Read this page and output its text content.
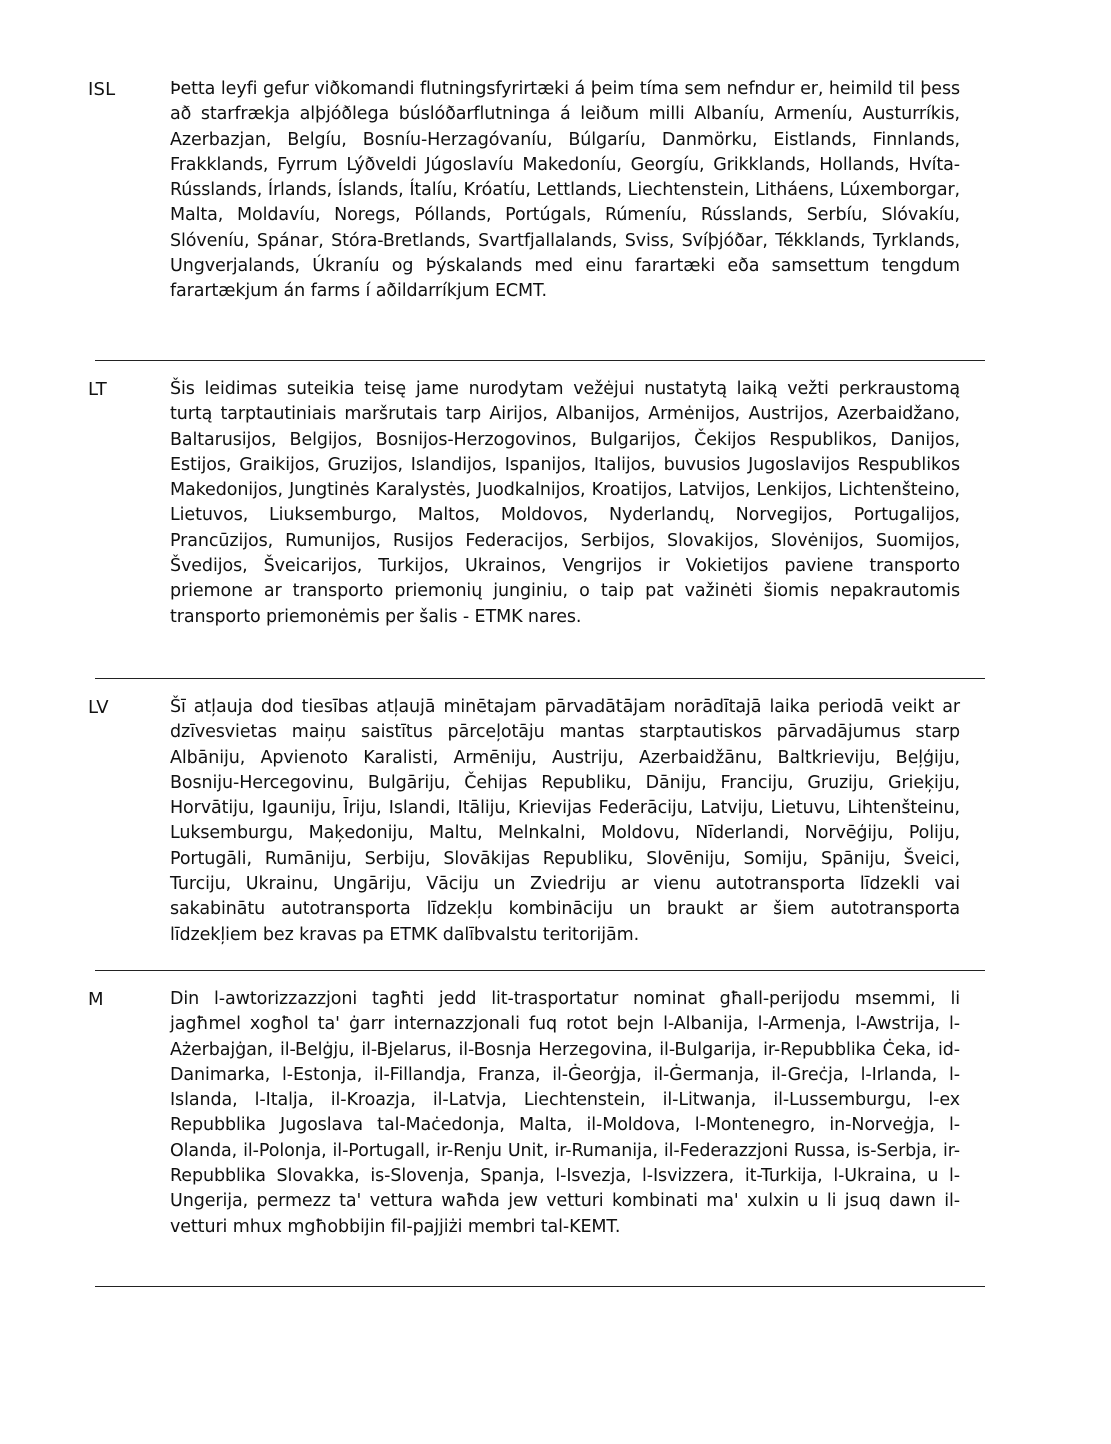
ISL	Þetta leyfi gefur viðkomandi flutningsfyrirtæki á þeim tíma sem nefndur er, heimild til þess að starfrækja alþjóðlega búslóðarflutninga á leiðum milli Albaníu, Armeníu, Austurríkis, Azerbazjan, Belgíu, Bosníu-Herzagóvaníu, Búlgaríu, Danmörku, Eistlands, Finnlands, Frakklands, Fyrrum Lýðveldi Júgoslavíu Makedoníu, Georgíu, Grikklands, Hollands, Hvíta-Rússlands, Írlands, Íslands, Ítalíu, Króatíu, Lettlands, Liechtenstein, Litháens, Lúxemborgar, Malta, Moldavíu, Noregs, Póllands, Portúgals, Rúmeníu, Rússlands, Serbíu, Slóvakíu, Slóveníu, Spánar, Stóra-Bretlands, Svartfjallalands, Sviss, Svíþjóðar, Tékklands, Tyrklands, Ungverjalands, Úkraníu og Þýskalands med einu farartæki eða samsettum tengdum farartækjum án farms í aðildarríkjum ECMT.
LT	Šis leidimas suteikia teisę jame nurodytam vežėjui nustatytą laiką vežti perkraustomą turtą tarptautiniais maršrutais tarp Airijos, Albanijos, Armėnijos, Austrijos, Azerbaidžano, Baltarusijos, Belgijos, Bosnijos-Herzogovinos, Bulgarijos, Čekijos Respublikos, Danijos, Estijos, Graikijos, Gruzijos, Islandijos, Ispanijos, Italijos, buvusios Jugoslavijos Respublikos Makedonijos, Jungtinės Karalystės, Juodkalnijos, Kroatijos, Latvijos, Lenkijos, Lichtenšteino, Lietuvos, Liuksemburgo, Maltos, Moldovos, Nyderlandų, Norvegijos, Portugalijos, Prancūzijos, Rumunijos, Rusijos Federacijos, Serbijos, Slovakijos, Slovėnijos, Suomijos, Švedijos, Šveicarijos, Turkijos, Ukrainos, Vengrijos ir Vokietijos paviene transporto priemone ar transporto priemonių junginiu, o taip pat važinėti šiomis nepakrautomis transporto priemonėmis per šalis - ETMK nares.
LV	Šī atļauja dod tiesības atļaujā minētajam pārvadātājam norādītajā laika periodā veikt ar dzīvesvietas maiņu saistītus pārceļotāju mantas starptautiskos pārvadājumus starp Albāniju, Apvienoto Karalisti, Armēniju, Austriju, Azerbaidžānu, Baltkrieviju, Beļģiju, Bosniju-Hercegovinu, Bulgāriju, Čehijas Republiku, Dāniju, Franciju, Gruziju, Grieķiju, Horvātiju, Igauniju, Īriju, Islandi, Itāliju, Krievijas Federāciju, Latviju, Lietuvu, Lihtenšteinu, Luksemburgu, Maķedoniju, Maltu, Melnkalni, Moldovu, Nīderlandi, Norvēģiju, Poliju, Portugāli, Rumāniju, Serbiju, Slovākijas Republiku, Slovēniju, Somiju, Spāniju, Šveici, Turciju, Ukrainu, Ungāriju, Vāciju un Zviedriju ar vienu autotransporta līdzekli vai sakabinātu autotransporta līdzekļu kombināciju un braukt ar šiem autotransporta līdzekļiem bez kravas pa ETMK dalībvalstu teritorijām.
M	Din l-awtorizzazzjoni tagħti jedd lit-trasportatur nominat għall-perijodu msemmi, li jagħmel xogħol ta' ġarr internazzjonali fuq rotot bejn l-Albanija, l-Armenja, l-Awstrija, l-Ażerbajġan, il-Belġju, il-Bjelarus, il-Bosnja Herzegovina, il-Bulgarija, ir-Repubblika Ċeka, id-Danimarka, l-Estonja, il-Fillandja, Franza, il-Ġeorġja, il-Ġermanja, il-Greċja, l-Irlanda, l-Islanda, l-Italja, il-Kroazja, il-Latvja, Liechtenstein, il-Litwanja, il-Lussemburgu, l-ex Repubblika Jugoslava tal-Maċedonja, Malta, il-Moldova, l-Montenegro, in-Norveġja, l-Olanda, il-Polonja, il-Portugall, ir-Renju Unit, ir-Rumanija, il-Federazzjoni Russa, is-Serbja, ir-Repubblika Slovakka, is-Slovenja, Spanja, l-Isvezja, l-Isvizzera, it-Turkija, l-Ukraina, u l-Ungerija, permezz ta' vettura waħda jew vetturi kombinati ma' xulxin u li jsuq dawn il-vetturi mhux mgħobbijin fil-pajjiżi membri tal-KEMT.
